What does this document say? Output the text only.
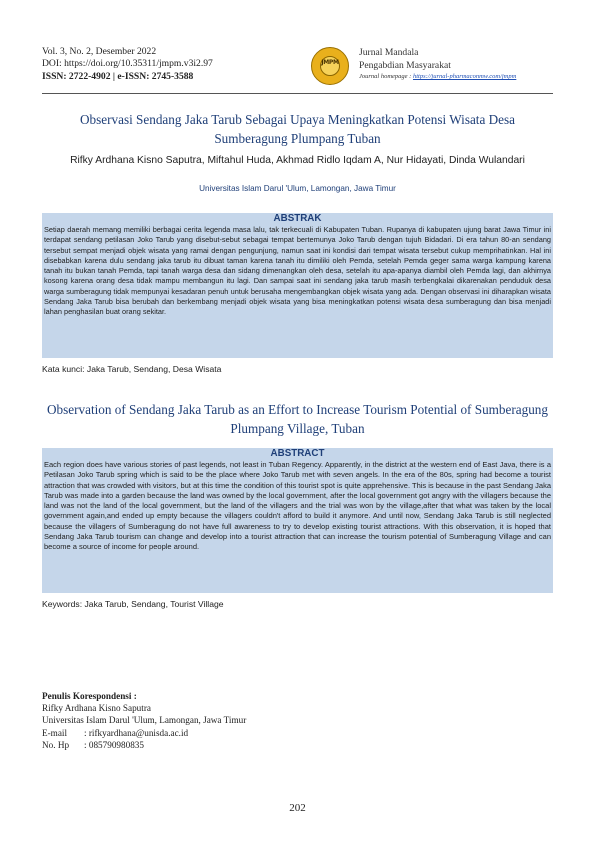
Vol. 3, No. 2, Desember 2022
DOI: https://doi.org/10.35311/jmpm.v3i2.97
ISSN: 2722-4902 | e-ISSN: 2745-3588
JMPM
Jurnal Mandala
Pengabdian Masyarakat
Journal homepage : https://jurnal-pharmaconmw.com/jmpm
Observasi Sendang Jaka Tarub Sebagai Upaya Meningkatkan Potensi Wisata Desa Sumberagung Plumpang Tuban
Rifky Ardhana Kisno Saputra, Miftahul Huda, Akhmad Ridlo Iqdam A, Nur Hidayati, Dinda Wulandari
Universitas Islam Darul 'Ulum, Lamongan, Jawa Timur
ABSTRAK
Setiap daerah memang memiliki berbagai cerita legenda masa lalu, tak terkecuali di Kabupaten Tuban. Rupanya di kabupaten ujung barat Jawa Timur ini terdapat sendang petilasan Joko Tarub yang disebut-sebut sebagai tempat bertemunya Joko Tarub dengan tujuh Bidadari. Di era tahun 80-an sendang tersebut sempat menjadi objek wisata yang ramai dengan pengunjung, namun saat ini kondisi dari tempat wisata tersebut cukup memprihatinkan. Hal ini disebabkan karena dulu sendang jaka tarub itu dibuat taman karena tanah itu dimiliki oleh Pemda, setelah Pemda geger sama warga kampung karena tanah itu bukan tanah Pemda, tapi tanah warga desa dan sidang dimenangkan oleh desa, setelah itu apa-apanya diambil oleh Pemda lagi, dan akhirnya kosong karena orang desa tidak mampu membangun itu lagi. Dan sampai saat ini sendang jaka tarub masih terbengkalai dikarenakan penduduk desa warga sumberagung tidak mempunyai kesadaran penuh untuk berusaha mengembangkan objek wisata yang ada. Dengan observasi ini diharapkan wisata Sendang Jaka Tarub bisa berubah dan berkembang menjadi objek wisata yang bisa meningkatkan potensi wisata desa sumberagung dan bisa menjadi lahan penghasilan buat orang sekitar.
Kata kunci: Jaka Tarub, Sendang, Desa Wisata
Observation of Sendang Jaka Tarub as an Effort to Increase Tourism Potential of Sumberagung Plumpang Village, Tuban
ABSTRACT
Each region does have various stories of past legends, not least in Tuban Regency. Apparently, in the district at the western end of East Java, there is a Petilasan Joko Tarub spring which is said to be the place where Joko Tarub met with seven angels. In the era of the 80s, spring had become a tourist attraction that was crowded with visitors, but at this time the condition of this tourist spot is quite apprehensive. This is because in the past Sendang Jaka Tarub was made into a garden because the land was owned by the local government, after the local government got angry with the villagers because the land was not the land of the local government, but the land of the villagers and the trial was won by the village,after that what was taken by the local government again,and ended up empty because the villagers couldn't afford to build it anymore. And until now, Sendang Jaka Tarub is still neglected because the villagers of Sumberagung do not have full awareness to try to develop existing tourist attractions. With this observation, it is hoped that Sendang Jaka Tarub tourism can change and develop into a tourist attraction that can increase the tourism potential of Sumberagung Village and can become a source of income for people around.
Keywords: Jaka Tarub, Sendang, Tourist Village
Penulis Korespondensi :
Rifky Ardhana Kisno Saputra
Universitas Islam Darul 'Ulum, Lamongan, Jawa Timur
E-mail : rifkyardhana@unisda.ac.id
No. Hp : 085790980835
202
